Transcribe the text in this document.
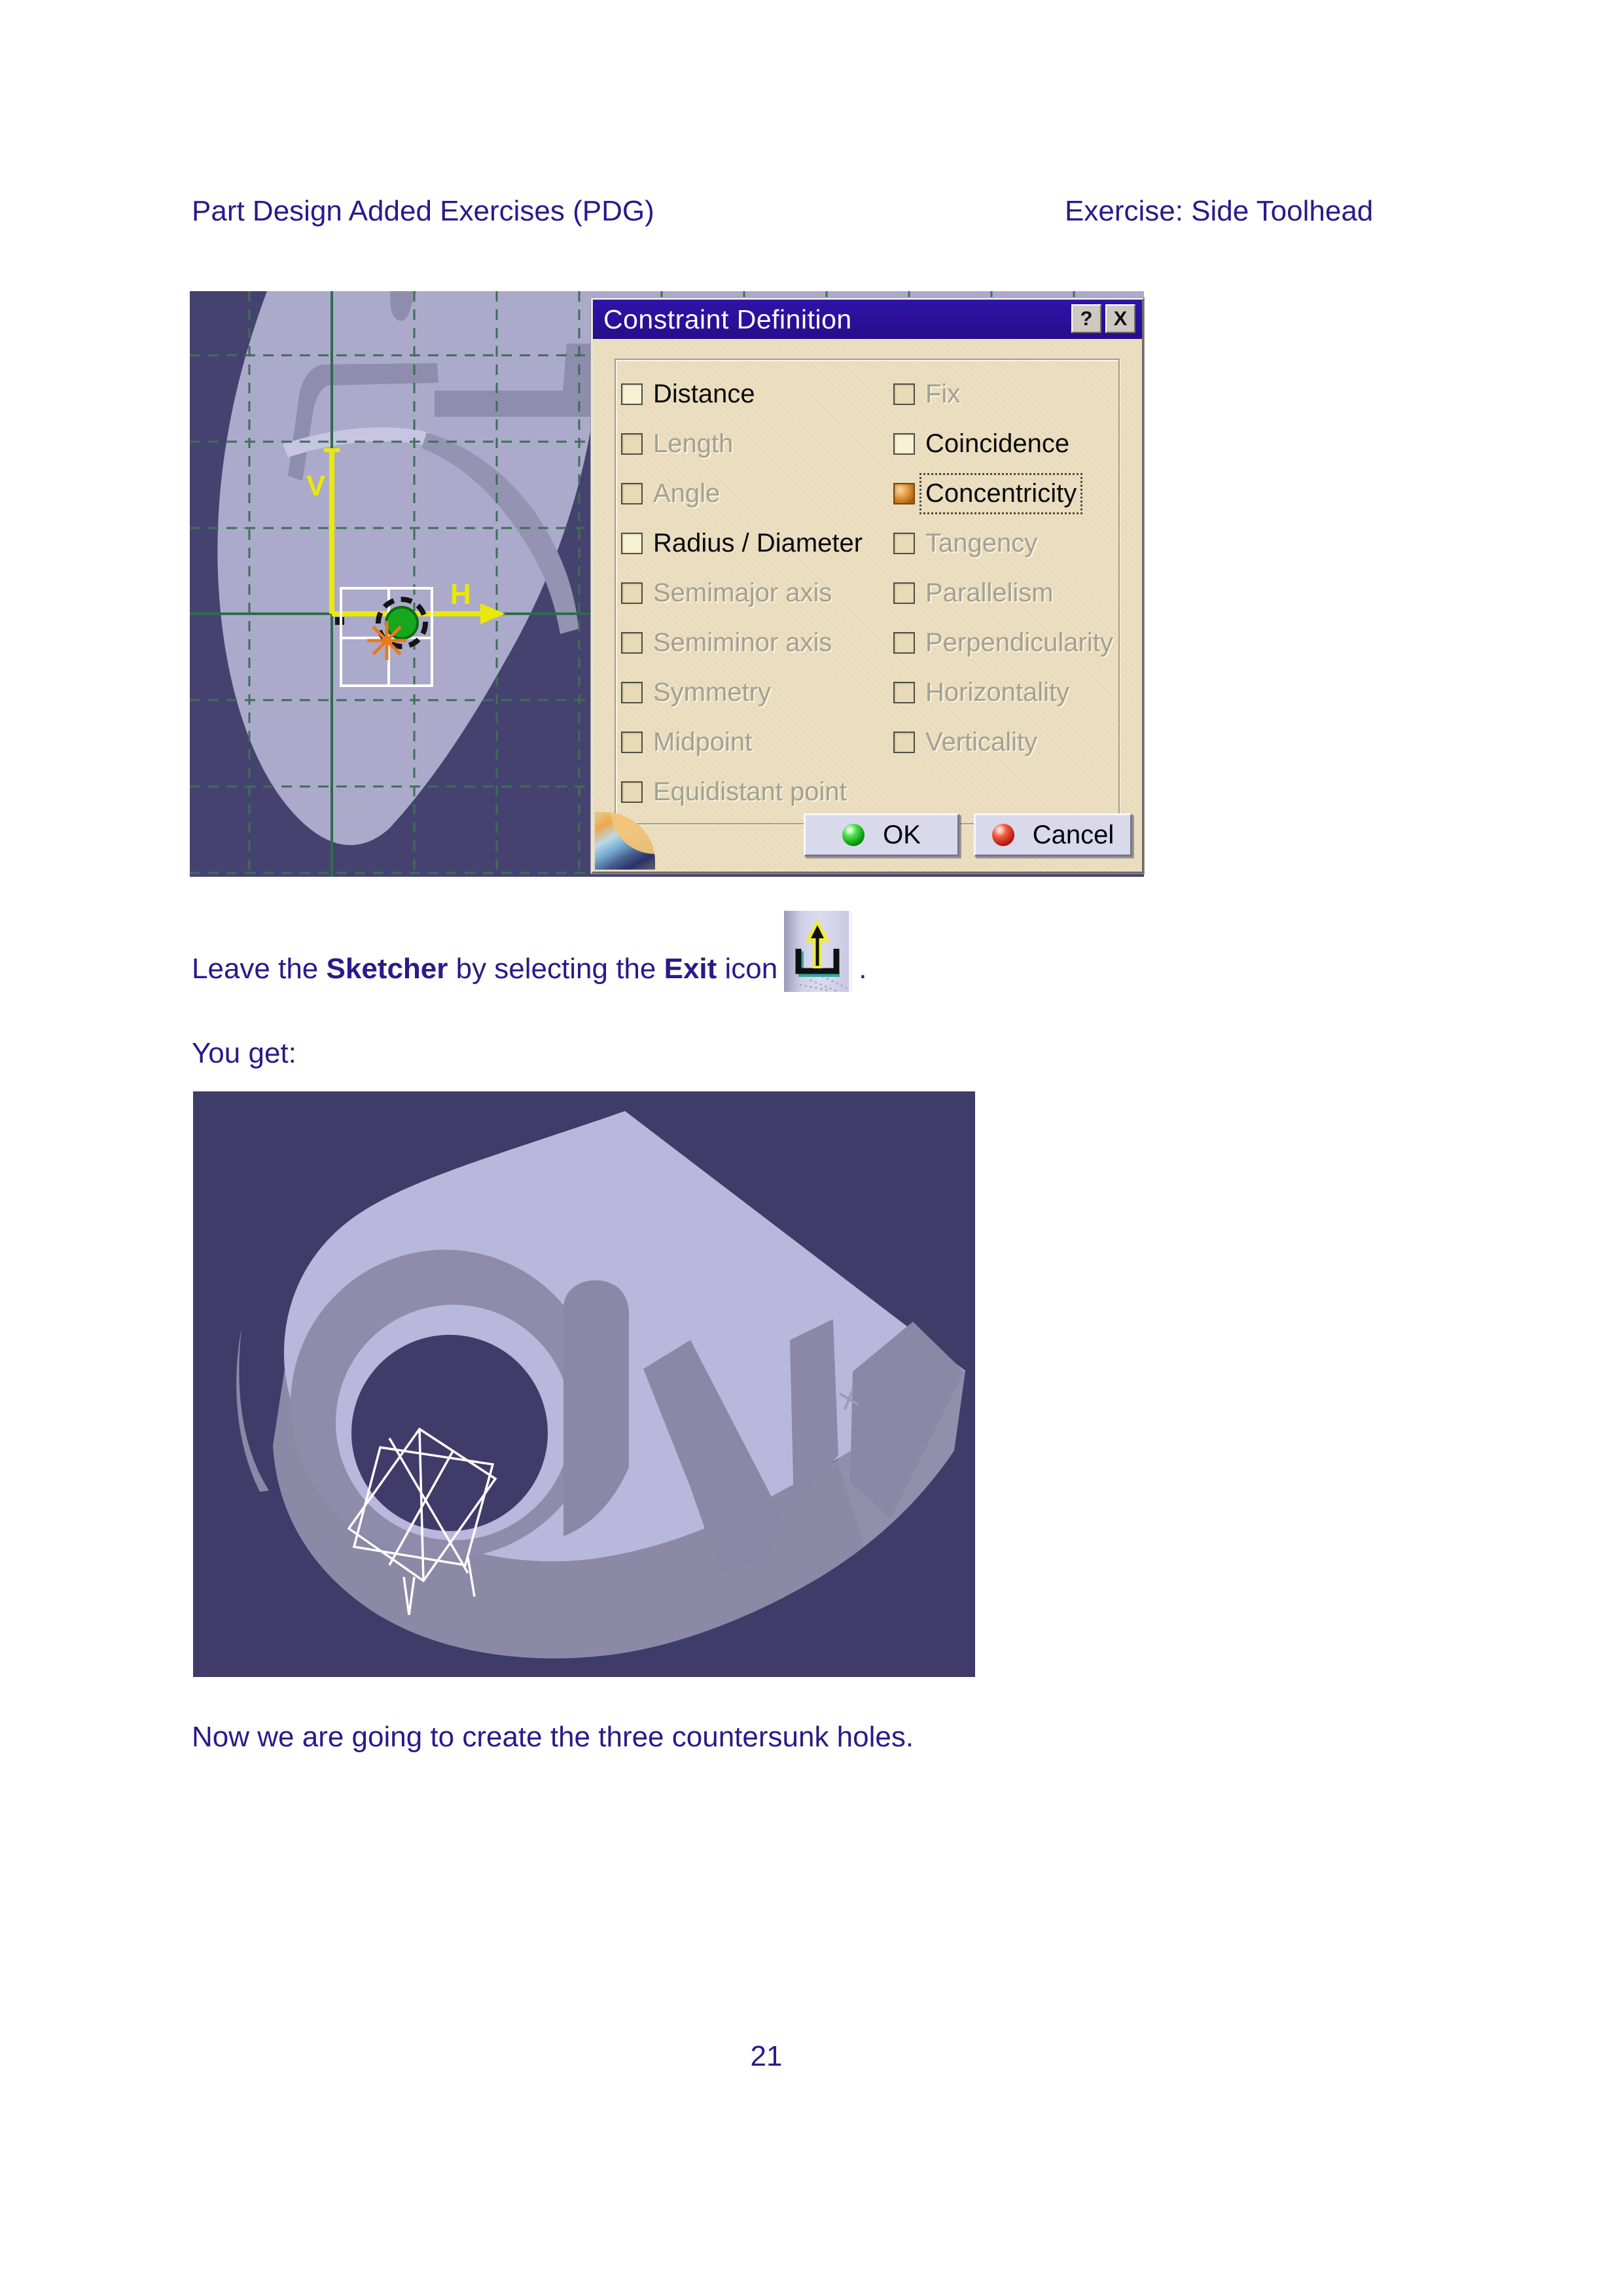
Part Design Added Exercises (PDG)	Exercise: Side Toolhead
V
H
Constraint Definition	?	X
Distance
Length
Angle
Radius / Diameter
Semimajor axis
Semiminor axis
Symmetry
Midpoint
Equidistant point
Fix
Coincidence
Concentricity
Tangency
Parallelism
Perpendicularity
Horizontality
Verticality
OK	Cancel
Leave the Sketcher by selecting the Exit icon	.
You get:
Now we are going to create the three countersunk holes.
21
